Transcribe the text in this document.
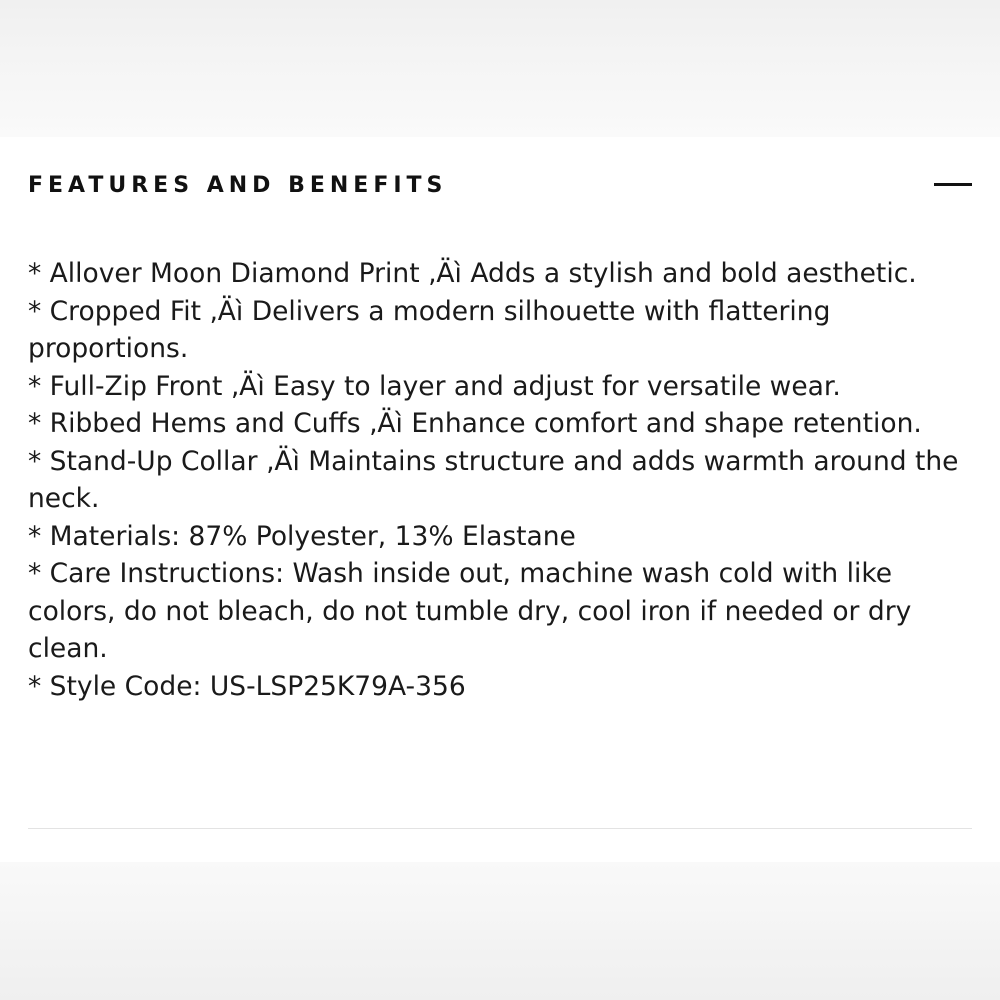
FEATURES AND BENEFITS
* Allover Moon Diamond Print ‚Äì Adds a stylish and bold aesthetic.
* Cropped Fit ‚Äì Delivers a modern silhouette with flattering proportions.
* Full-Zip Front ‚Äì Easy to layer and adjust for versatile wear.
* Ribbed Hems and Cuffs ‚Äì Enhance comfort and shape retention.
* Stand-Up Collar ‚Äì Maintains structure and adds warmth around the neck.
* Materials: 87% Polyester, 13% Elastane
* Care Instructions: Wash inside out, machine wash cold with like colors, do not bleach, do not tumble dry, cool iron if needed or dry clean.
* Style Code: US-LSP25K79A-356
